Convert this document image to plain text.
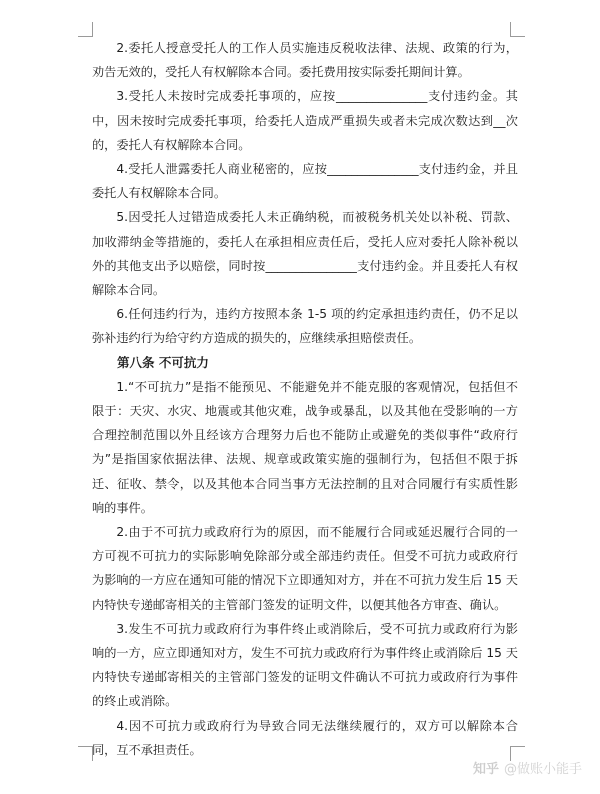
2.委托人授意受托人的工作人员实施违反税收法律、法规、政策的行为，劝告无效的，受托人有权解除本合同。委托费用按实际委托期间计算。

3.受托人未按时完成委托事项的，应按_______________支付违约金。其中，因未按时完成委托事项，给委托人造成严重损失或者未完成次数达到__次的，委托人有权解除本合同。

4.受托人泄露委托人商业秘密的，应按_______________支付违约金，并且委托人有权解除本合同。

5.因受托人过错造成委托人未正确纳税，而被税务机关处以补税、罚款、加收滞纳金等措施的，委托人在承担相应责任后，受托人应对委托人除补税以外的其他支出予以赔偿，同时按_______________支付违约金。并且委托人有权解除本合同。

6.任何违约行为，违约方按照本条 1-5 项的约定承担违约责任，仍不足以弥补违约行为给守约方造成的损失的，应继续承担赔偿责任。

第八条 不可抗力

1.“不可抗力”是指不能预见、不能避免并不能克服的客观情况，包括但不限于：天灾、水灾、地震或其他灾难，战争或暴乱，以及其他在受影响的一方合理控制范围以外且经该方合理努力后也不能防止或避免的类似事件“政府行为”是指国家依据法律、法规、规章或政策实施的强制行为，包括但不限于拆迁、征收、禁令，以及其他本合同当事方无法控制的且对合同履行有实质性影响的事件。

2.由于不可抗力或政府行为的原因，而不能履行合同或延迟履行合同的一方可视不可抗力的实际影响免除部分或全部违约责任。但受不可抗力或政府行为影响的一方应在通知可能的情况下立即通知对方，并在不可抗力发生后 15 天内特快专递邮寄相关的主管部门签发的证明文件，以便其他各方审查、确认。

3.发生不可抗力或政府行为事件终止或消除后，受不可抗力或政府行为影响的一方，应立即通知对方，发生不可抗力或政府行为事件终止或消除后 15 天内特快专递邮寄相关的主管部门签发的证明文件确认不可抗力或政府行为事件的终止或消除。

4.因不可抗力或政府行为导致合同无法继续履行的，双方可以解除本合同，互不承担责任。

知乎 @做账小能手
